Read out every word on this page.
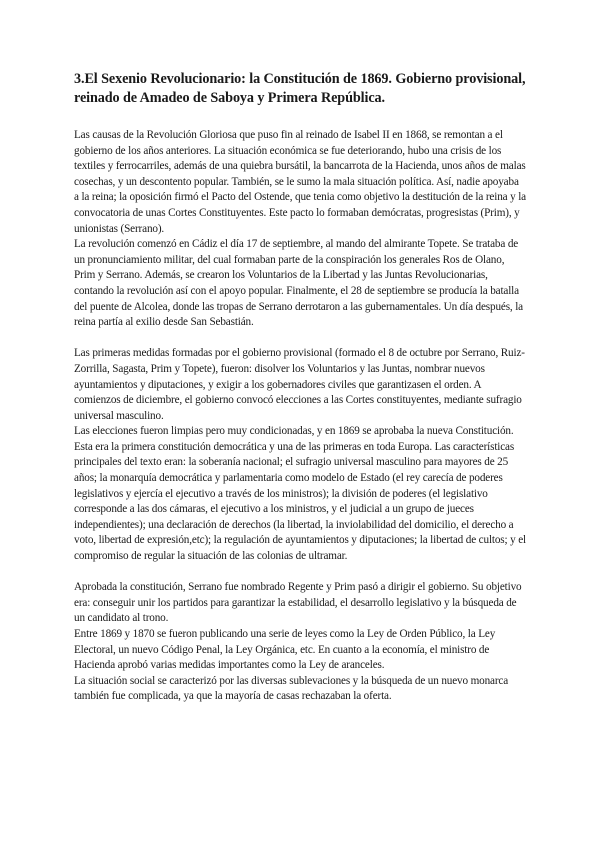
3.El Sexenio Revolucionario: la Constitución de 1869. Gobierno provisional, reinado de Amadeo de Saboya y Primera República.

Las causas de la Revolución Gloriosa que puso fin al reinado de Isabel II en 1868, se remontan a el gobierno de los años anteriores. La situación económica se fue deteriorando, hubo una crisis de los textiles y ferrocarriles, además de una quiebra bursátil, la bancarrota de la Hacienda, unos años de malas cosechas, y un descontento popular. También, se le sumo la mala situación política. Así, nadie apoyaba a la reina; la oposición firmó el Pacto del Ostende, que tenia como objetivo la destitución de la reina y la convocatoria de unas Cortes Constituyentes. Este pacto lo formaban demócratas, progresistas (Prim), y unionistas (Serrano).

La revolución comenzó en Cádiz el día 17 de septiembre, al mando del almirante Topete. Se trataba de un pronunciamiento militar, del cual formaban parte de la conspiración los generales Ros de Olano, Prim y Serrano. Además, se crearon los Voluntarios de la Libertad y las Juntas Revolucionarias, contando la revolución así con el apoyo popular. Finalmente, el 28 de septiembre se producía la batalla del puente de Alcolea, donde las tropas de Serrano derrotaron a las gubernamentales. Un día después, la reina partía al exilio desde San Sebastián.

Las primeras medidas formadas por el gobierno provisional (formado el 8 de octubre por Serrano, Ruiz-Zorrilla, Sagasta, Prim y Topete), fueron: disolver los Voluntarios y las Juntas, nombrar nuevos ayuntamientos y diputaciones, y exigir a los gobernadores civiles que garantizasen el orden. A comienzos de diciembre, el gobierno convocó elecciones a las Cortes constituyentes, mediante sufragio universal masculino.

Las elecciones fueron limpias pero muy condicionadas, y en 1869 se aprobaba la nueva Constitución. Esta era la primera constitución democrática y una de las primeras en toda Europa. Las características principales del texto eran: la soberanía nacional; el sufragio universal masculino para mayores de 25 años; la monarquía democrática y parlamentaria como modelo de Estado (el rey carecía de poderes legislativos y ejercía el ejecutivo a través de los ministros); la división de poderes (el legislativo corresponde a las dos cámaras, el ejecutivo a los ministros, y el judicial a un grupo de jueces independientes); una declaración de derechos (la libertad, la inviolabilidad del domicilio, el derecho a voto, libertad de expresión,etc); la regulación de ayuntamientos y diputaciones; la libertad de cultos; y el compromiso de regular la situación de las colonias de ultramar.

Aprobada la constitución, Serrano fue nombrado Regente y Prim pasó a dirigir el gobierno. Su objetivo era: conseguir unir los partidos para garantizar la estabilidad, el desarrollo legislativo y la búsqueda de un candidato al trono.

Entre 1869 y 1870 se fueron publicando una serie de leyes como la Ley de Orden Público, la Ley Electoral, un nuevo Código Penal, la Ley Orgánica, etc. En cuanto a la economía, el ministro de Hacienda aprobó varias medidas importantes como la Ley de aranceles.

La situación social se caracterizó por las diversas sublevaciones y la búsqueda de un nuevo monarca también fue complicada, ya que la mayoría de casas rechazaban la oferta.
